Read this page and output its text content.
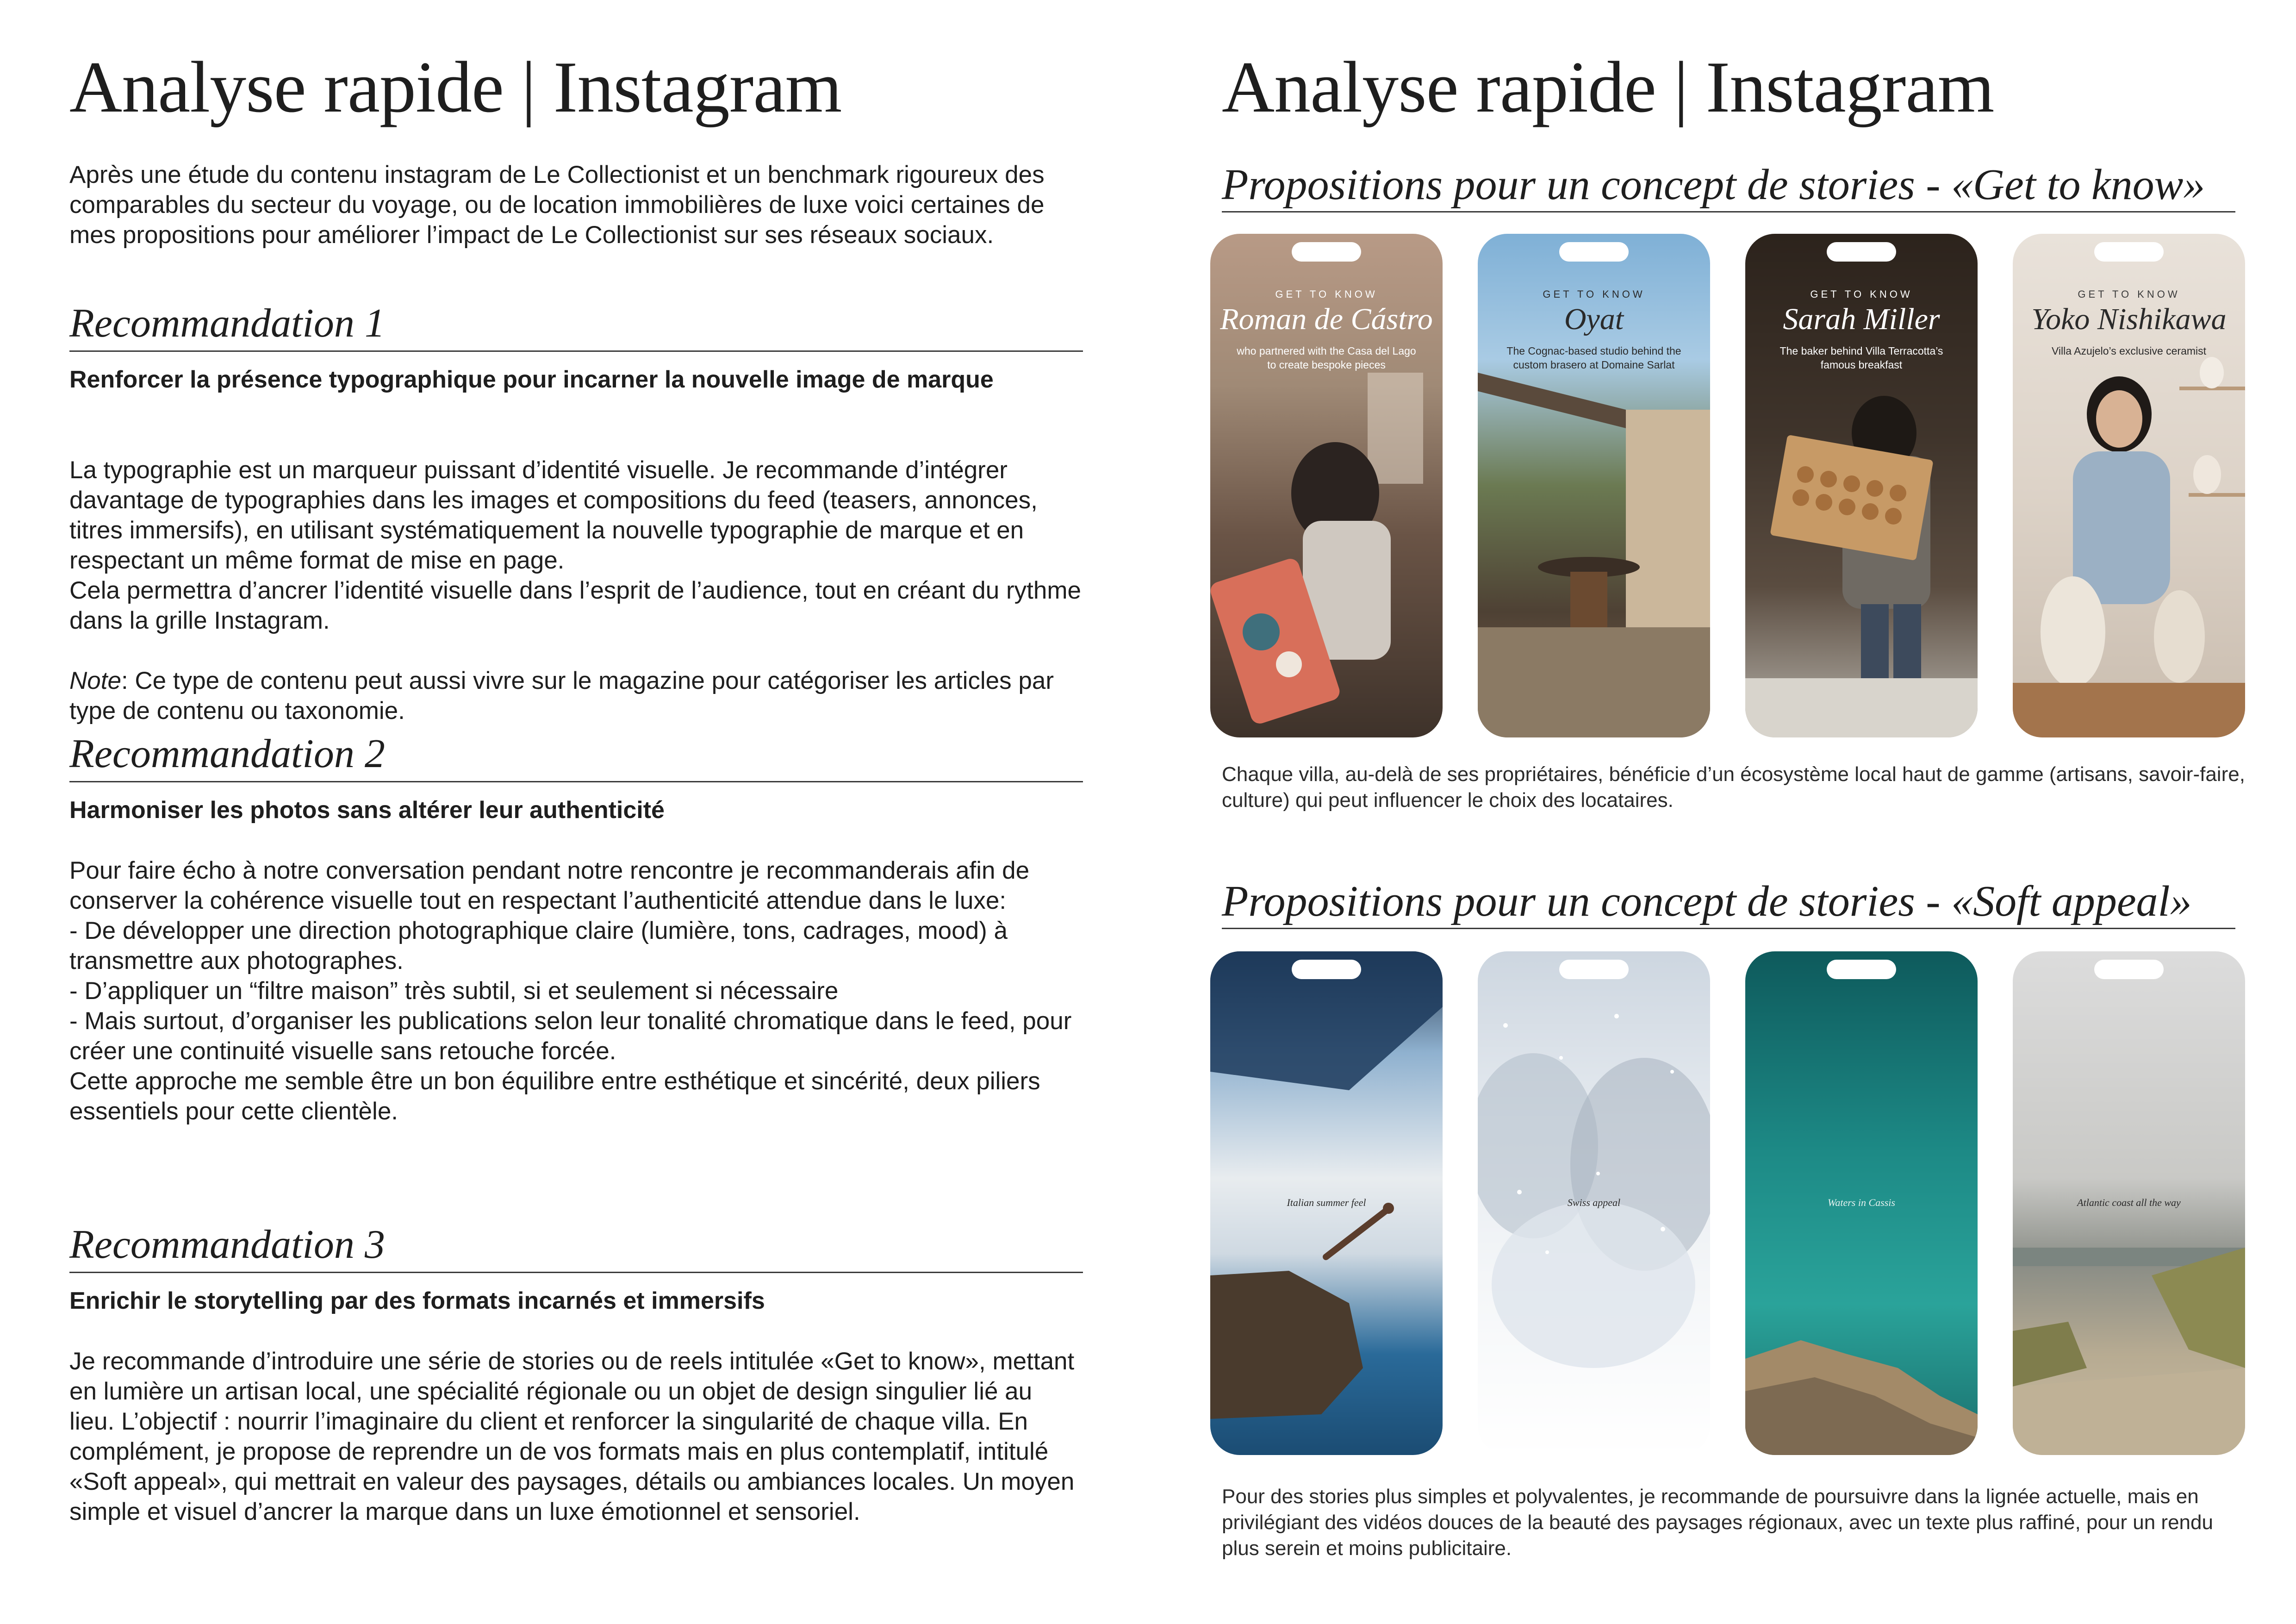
Analyse rapide | Instagram

Après une étude du contenu instagram de Le Collectionist et un benchmark rigoureux des comparables du secteur du voyage, ou de location immobilières de luxe voici certaines de mes propositions pour améliorer l’impact de Le Collectionist sur ses réseaux sociaux.

Recommandation 1

Renforcer la présence typographique pour incarner la nouvelle image de marque

La typographie est un marqueur puissant d’identité visuelle. Je recommande d’intégrer davantage de typographies dans les images et compositions du feed (teasers, annonces, titres immersifs), en utilisant systématiquement la nouvelle typographie de marque et en respectant un même format de mise en page.
Cela permettra d’ancrer l’identité visuelle dans l’esprit de l’audience, tout en créant du rythme dans la grille Instagram.

Note: Ce type de contenu peut aussi vivre sur le magazine pour catégoriser les articles par type de contenu ou taxonomie.

Recommandation 2

Harmoniser les photos sans altérer leur authenticité

Pour faire écho à notre conversation pendant notre rencontre je recommanderais afin de conserver la cohérence visuelle tout en respectant l’authenticité attendue dans le luxe:
- De développer une direction photographique claire (lumière, tons, cadrages, mood) à transmettre aux photographes.
- D’appliquer un “filtre maison” très subtil, si et seulement si nécessaire
- Mais surtout, d’organiser les publications selon leur tonalité chromatique dans le feed, pour créer une continuité visuelle sans retouche forcée.
Cette approche me semble être un bon équilibre entre esthétique et sincérité, deux piliers essentiels pour cette clientèle.
Recommandation 3

Enrichir le storytelling par des formats incarnés et immersifs

Je recommande d’introduire une série de stories ou de reels intitulée «Get to know», mettant en lumière un artisan local, une spécialité régionale ou un objet de design singulier lié au lieu. L’objectif : nourrir l’imaginaire du client et renforcer la singularité de chaque villa. En complément, je propose de reprendre un de vos formats mais en plus contemplatif, intitulé «Soft appeal», qui mettrait en valeur des paysages, détails ou ambiances locales. Un moyen simple et visuel d’ancrer la marque dans un luxe émotionnel et sensoriel.
Analyse rapide | Instagram
Propositions pour un concept de stories - «Get to know»
GET TO KNOW
Roman de Cástro
who partnered with the Casa del Lago to create bespoke pieces
GET TO KNOW
Oyat
The Cognac-based studio behind the custom brasero at Domaine Sarlat
GET TO KNOW
Sarah Miller
The baker behind Villa Terracotta’s famous breakfast
GET TO KNOW
Yoko Nishikawa
Villa Azujelo’s exclusive ceramist

Chaque villa, au-delà de ses propriétaires, bénéficie d’un écosystème local haut de gamme (artisans, savoir-faire, culture) qui peut influencer le choix des locataires.

Propositions pour un concept de stories - «Soft appeal»
Italian summer feel	Swiss appeal	Waters in Cassis	Atlantic coast all the way

Pour des stories plus simples et polyvalentes, je recommande de poursuivre dans la lignée actuelle, mais en privilégiant des vidéos douces de la beauté des paysages régionaux, avec un texte plus raffiné, pour un rendu plus serein et moins publicitaire.
